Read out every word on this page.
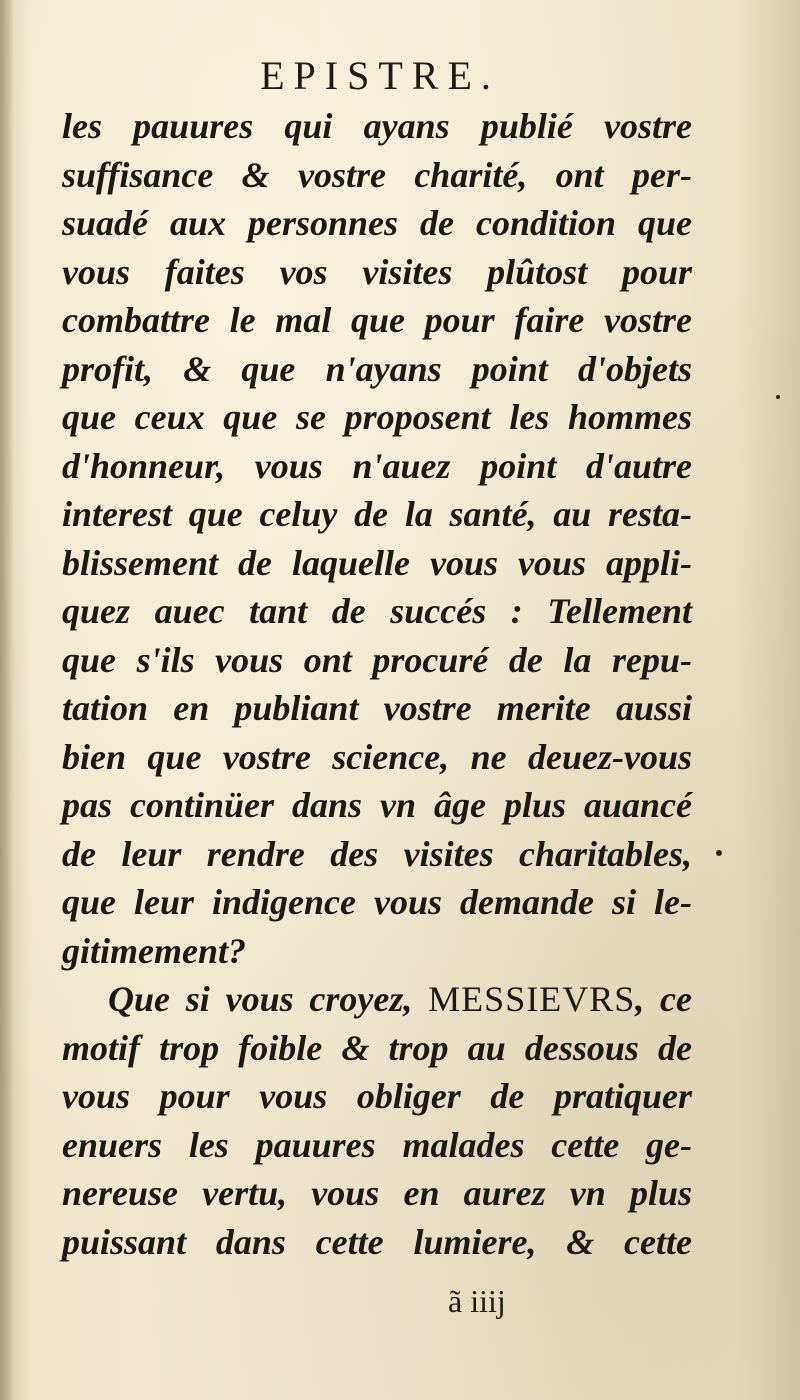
EPISTRE.
les pauures qui ayans publié vostre
suffisance & vostre charité, ont per-
suadé aux personnes de condition que
vous faites vos visites plûtost pour
combattre le mal que pour faire vostre
profit, & que n'ayans point d'objets
que ceux que se proposent les hommes
d'honneur, vous n'auez point d'autre
interest que celuy de la santé, au resta-
blissement de laquelle vous vous appli-
quez auec tant de succés : Tellement
que s'ils vous ont procuré de la repu-
tation en publiant vostre merite aussi
bien que vostre science, ne deuez-vous
pas continüer dans vn âge plus auancé
de leur rendre des visites charitables,
que leur indigence vous demande si le-
gitimement?
Que si vous croyez, MESSIEVRS, ce
motif trop foible & trop au dessous de
vous pour vous obliger de pratiquer
enuers les pauures malades cette ge-
nereuse vertu, vous en aurez vn plus
puissant dans cette lumiere, & cette
ã iiij
